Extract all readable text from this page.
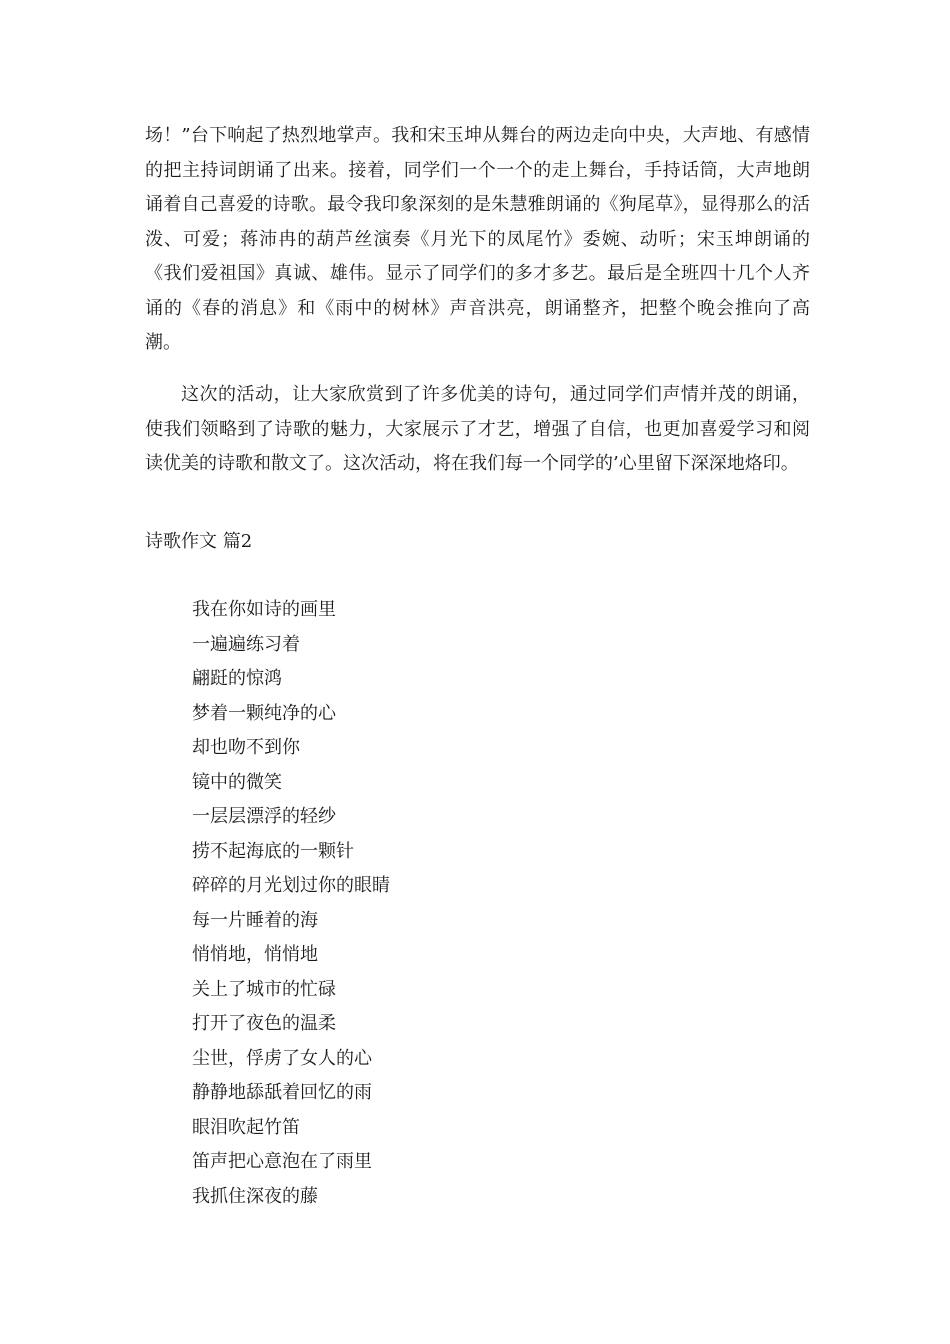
场！”台下响起了热烈地掌声。我和宋玉坤从舞台的两边走向中央，大声地、有感情的把主持词朗诵了出来。接着，同学们一个一个的走上舞台，手持话筒，大声地朗诵着自己喜爱的诗歌。最令我印象深刻的是朱慧雅朗诵的《狗尾草》，显得那么的活泼、可爱；蒋沛冉的葫芦丝演奏《月光下的凤尾竹》委婉、动听；宋玉坤朗诵的《我们爱祖国》真诚、雄伟。显示了同学们的多才多艺。最后是全班四十几个人齐诵的《春的消息》和《雨中的树林》声音洪亮，朗诵整齐，把整个晚会推向了高潮。

这次的活动，让大家欣赏到了许多优美的诗句，通过同学们声情并茂的朗诵，使我们领略到了诗歌的魅力，大家展示了才艺，增强了自信，也更加喜爱学习和阅读优美的诗歌和散文了。这次活动，将在我们每一个同学的’心里留下深深地烙印。

诗歌作文 篇2
我在你如诗的画里
一遍遍练习着
翩跹的惊鸿
梦着一颗纯净的心
却也吻不到你
镜中的微笑
一层层漂浮的轻纱
捞不起海底的一颗针
碎碎的月光划过你的眼睛
每一片睡着的海
悄悄地，悄悄地
关上了城市的忙碌
打开了夜色的温柔
尘世，俘虏了女人的心
静静地舔舐着回忆的雨
眼泪吹起竹笛
笛声把心意泡在了雨里
我抓住深夜的藤
